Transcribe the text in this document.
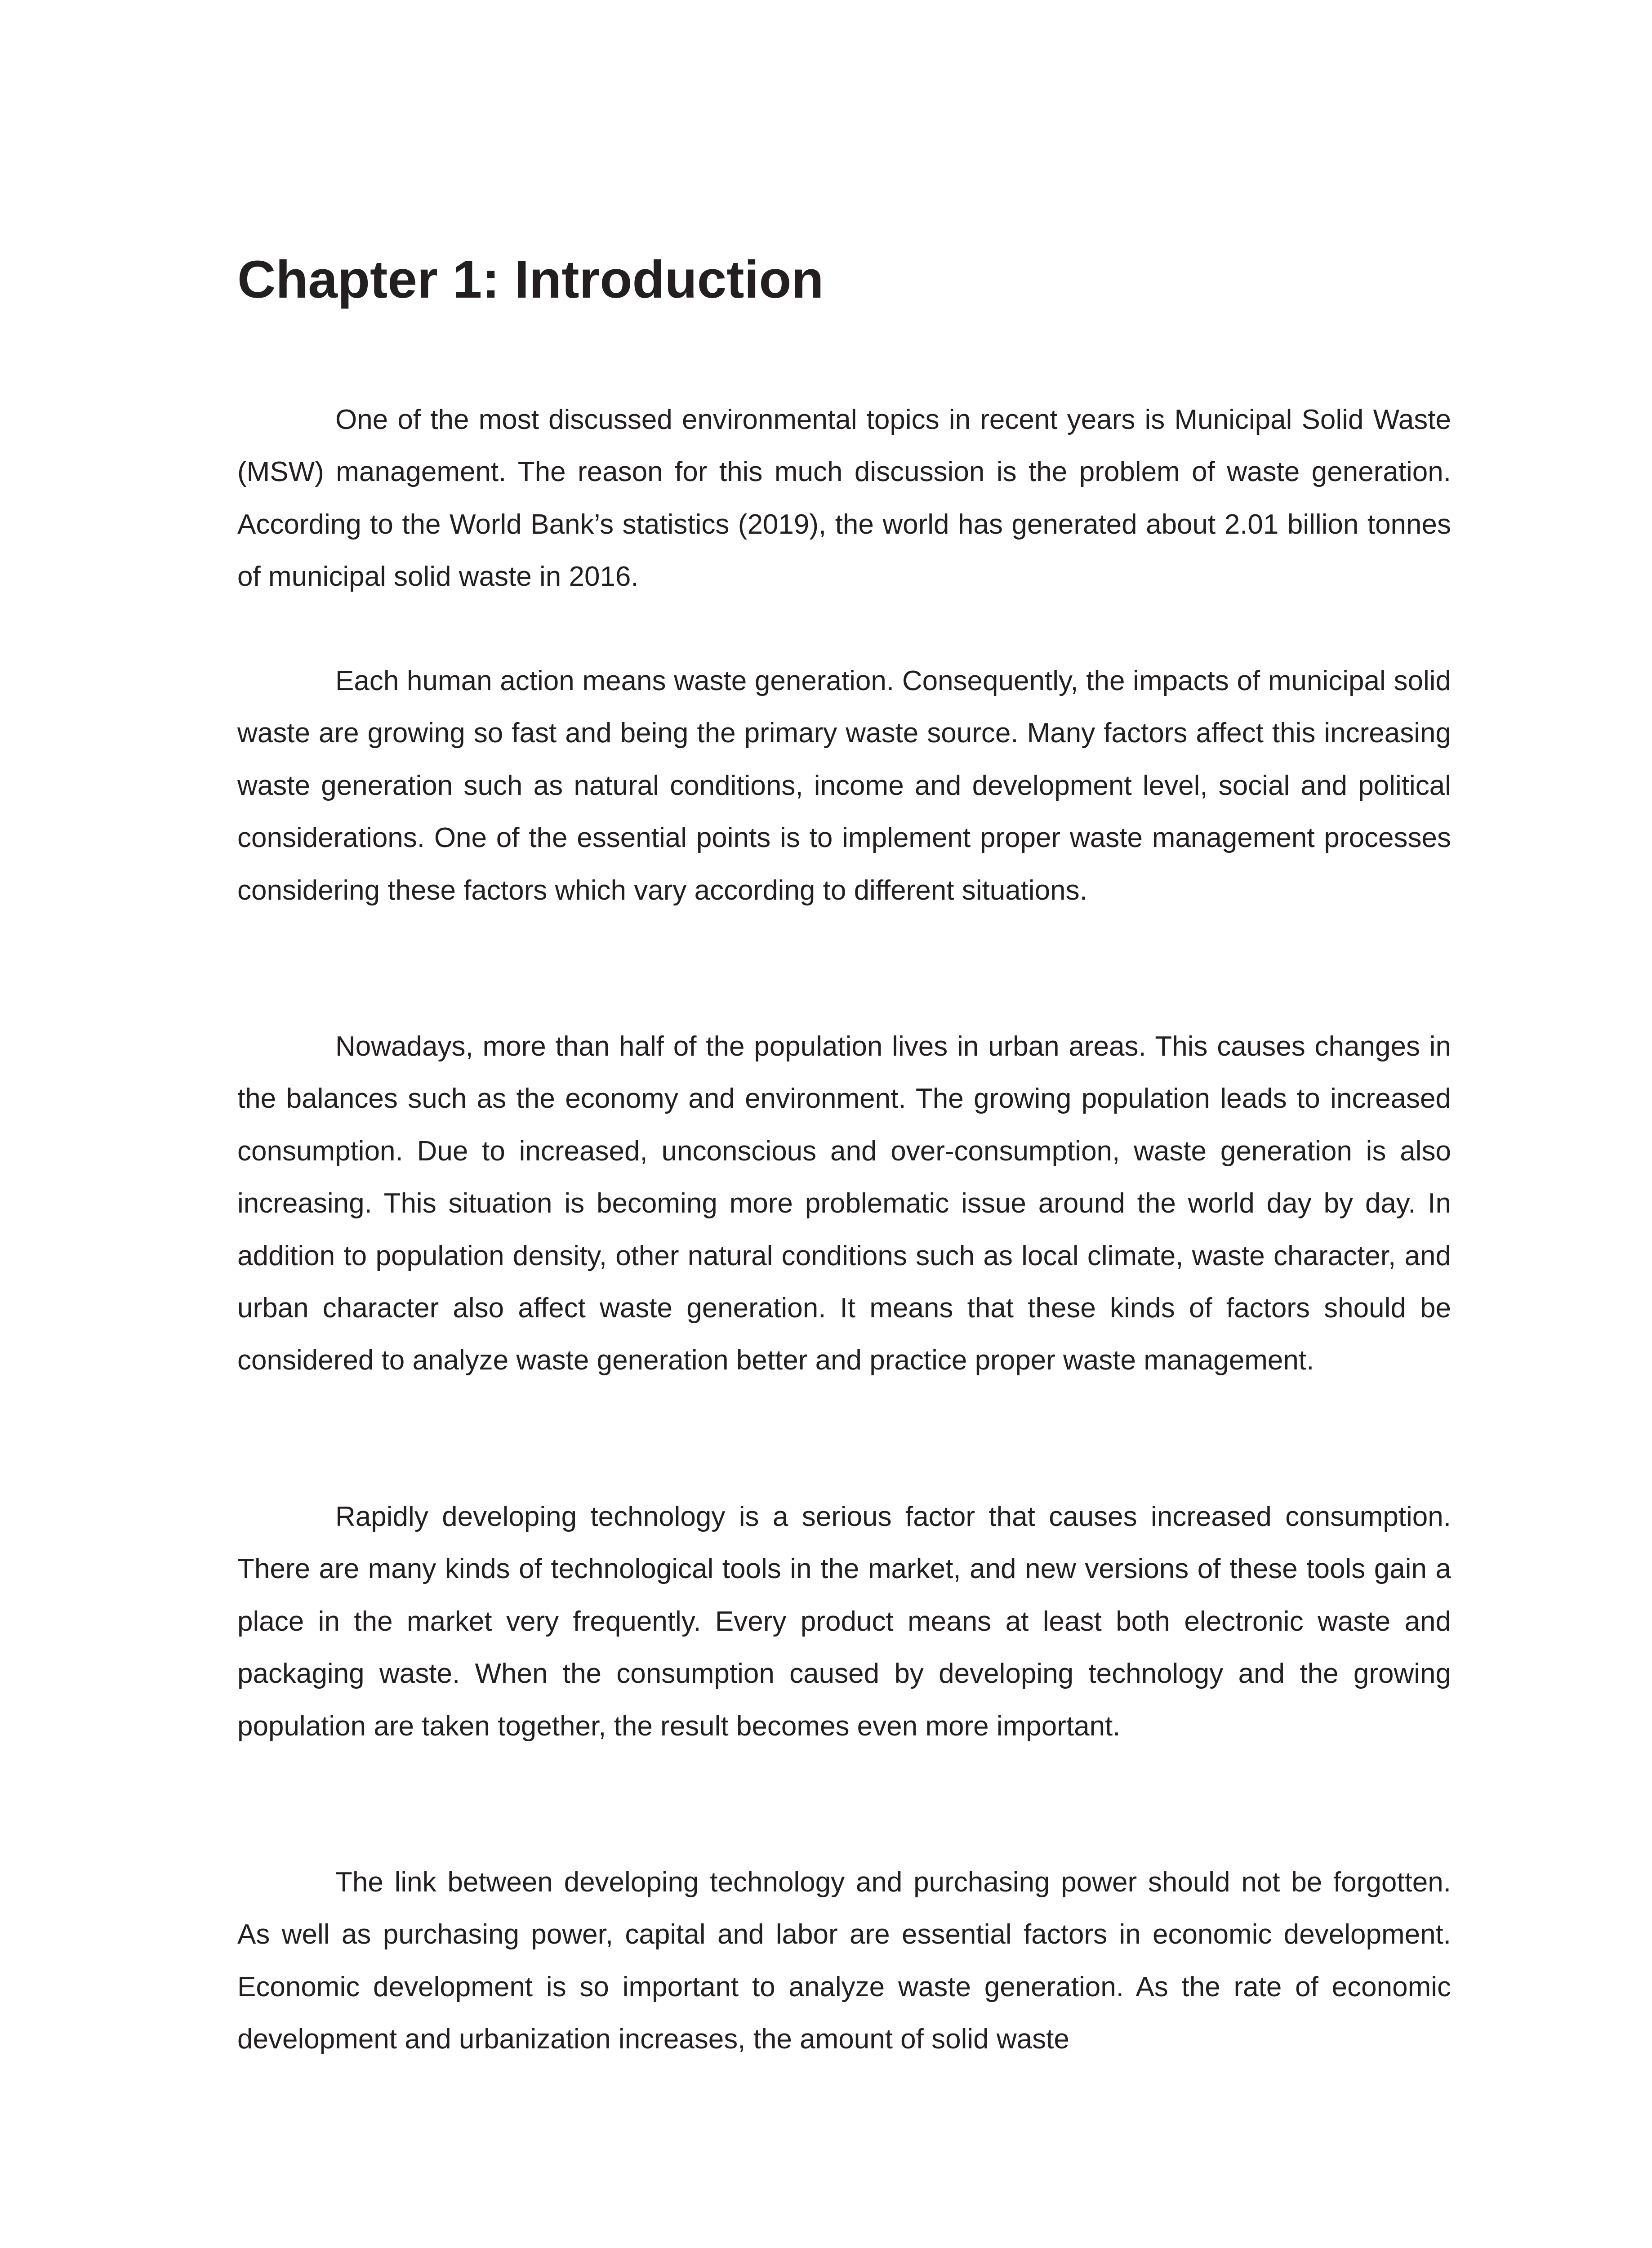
Chapter 1: Introduction

One of the most discussed environmental topics in recent years is Municipal Solid Waste (MSW) management. The reason for this much discussion is the problem of waste generation. According to the World Bank’s statistics (2019), the world has generated about 2.01 billion tonnes of municipal solid waste in 2016.

Each human action means waste generation. Consequently, the impacts of municipal solid waste are growing so fast and being the primary waste source. Many factors affect this increasing waste generation such as natural conditions, income and development level, social and political considerations. One of the essential points is to implement proper waste management processes considering these factors which vary according to different situations.

Nowadays, more than half of the population lives in urban areas. This causes changes in the balances such as the economy and environment. The growing population leads to increased consumption. Due to increased, unconscious and over-consumption, waste generation is also increasing. This situation is becoming more problematic issue around the world day by day. In addition to population density, other natural conditions such as local climate, waste character, and urban character also affect waste generation. It means that these kinds of factors should be considered to analyze waste generation better and practice proper waste management.

Rapidly developing technology is a serious factor that causes increased consumption. There are many kinds of technological tools in the market, and new versions of these tools gain a place in the market very frequently. Every product means at least both electronic waste and packaging waste. When the consumption caused by developing technology and the growing population are taken together, the result becomes even more important.

The link between developing technology and purchasing power should not be forgotten. As well as purchasing power, capital and labor are essential factors in economic development. Economic development is so important to analyze waste generation. As the rate of economic development and urbanization increases, the amount of solid waste
